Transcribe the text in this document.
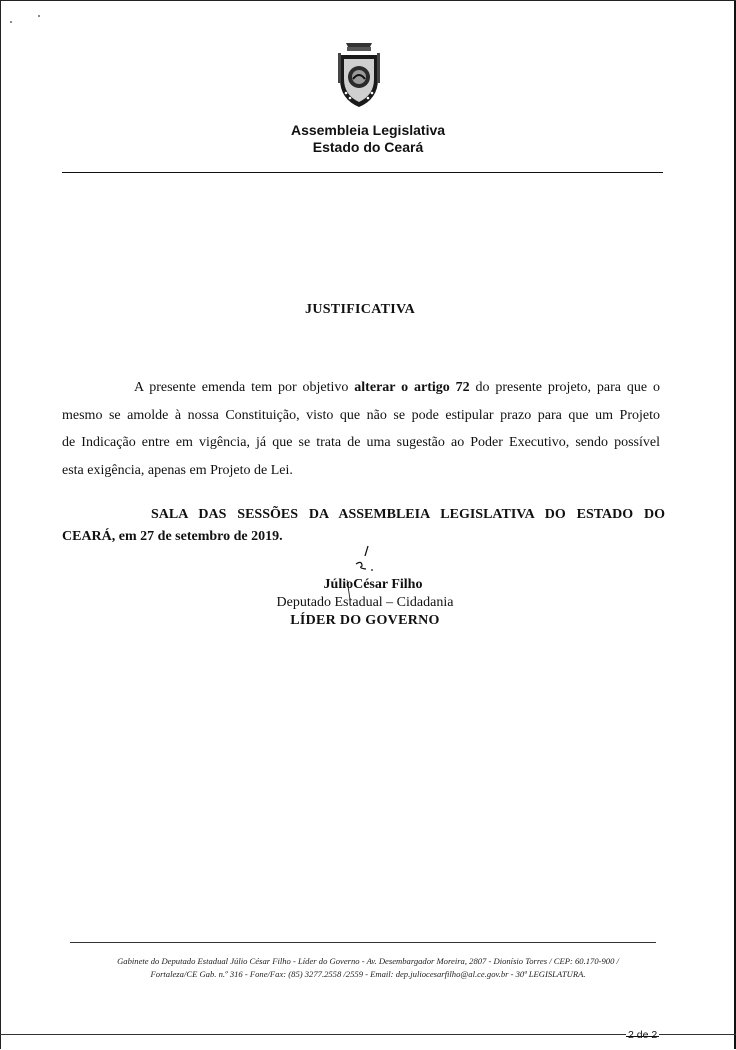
Assembleia Legislativa
Estado do Ceará
JUSTIFICATIVA
A presente emenda tem por objetivo alterar o artigo 72 do presente projeto, para que o
mesmo se amolde à nossa Constituição, visto que não se pode estipular prazo para que um Projeto
de Indicação entre em vigência, já que se trata de uma sugestão ao Poder Executivo, sendo possível
esta exigência, apenas em Projeto de Lei.
SALA DAS SESSÕES DA ASSEMBLEIA LEGISLATIVA DO ESTADO DO
CEARÁ, em 27 de setembro de 2019.
JúlioCésar Filho
Deputado Estadual – Cidadania
LÍDER DO GOVERNO
Gabinete do Deputado Estadual Júlio César Filho - Líder do Governo - Av. Desembargador Moreira, 2807 - Dionísio Torres / CEP: 60.170-900 /
Fortaleza/CE Gab. n.º 316 - Fone/Fax: (85) 3277.2558 /2559 - Email: dep.juliocesarfilho@al.ce.gov.br - 30ª LEGISLATURA.
2 de 2
